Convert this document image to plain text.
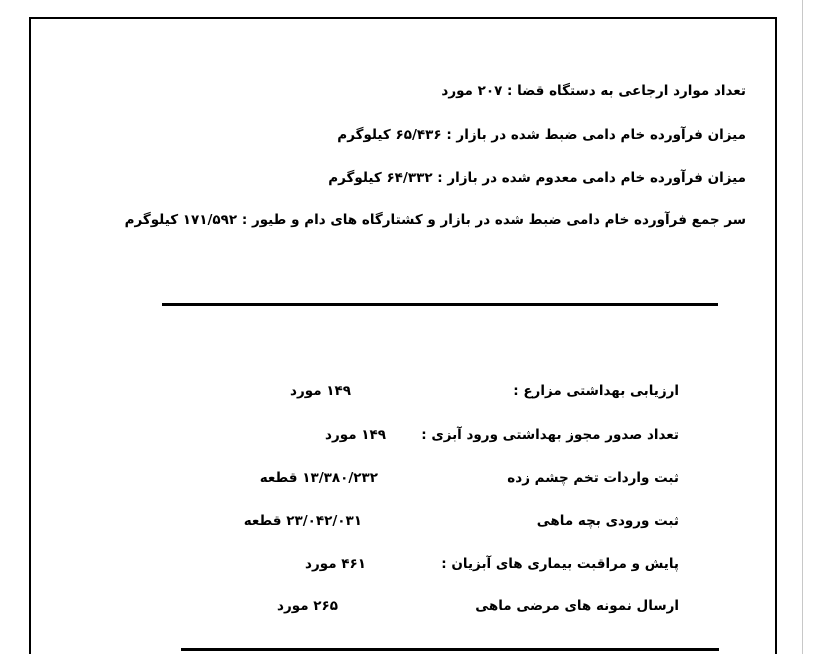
تعداد موارد ارجاعی به دستگاه قضا : ۲۰۷ مورد
میزان فرآورده خام دامی ضبط شده در بازار : ۶۵/۴۳۶ کیلوگرم
میزان فرآورده خام دامی معدوم شده در بازار : ۶۴/۳۳۲ کیلوگرم
سر جمع فرآورده خام دامی ضبط شده در بازار و کشتارگاه های دام و طیور : ۱۷۱/۵۹۲ کیلوگرم
ارزیابی بهداشتی مزارع :
۱۴۹ مورد
تعداد صدور مجوز بهداشتی ورود آبزی :
۱۴۹ مورد
ثبت واردات تخم چشم زده
۱۳/۳۸۰/۲۳۲ قطعه
ثبت ورودی بچه ماهی
۲۳/۰۴۲/۰۳۱ قطعه
پایش و مراقبت بیماری های آبزیان :
۴۶۱ مورد
ارسال نمونه های مرضی ماهی
۲۶۵ مورد
